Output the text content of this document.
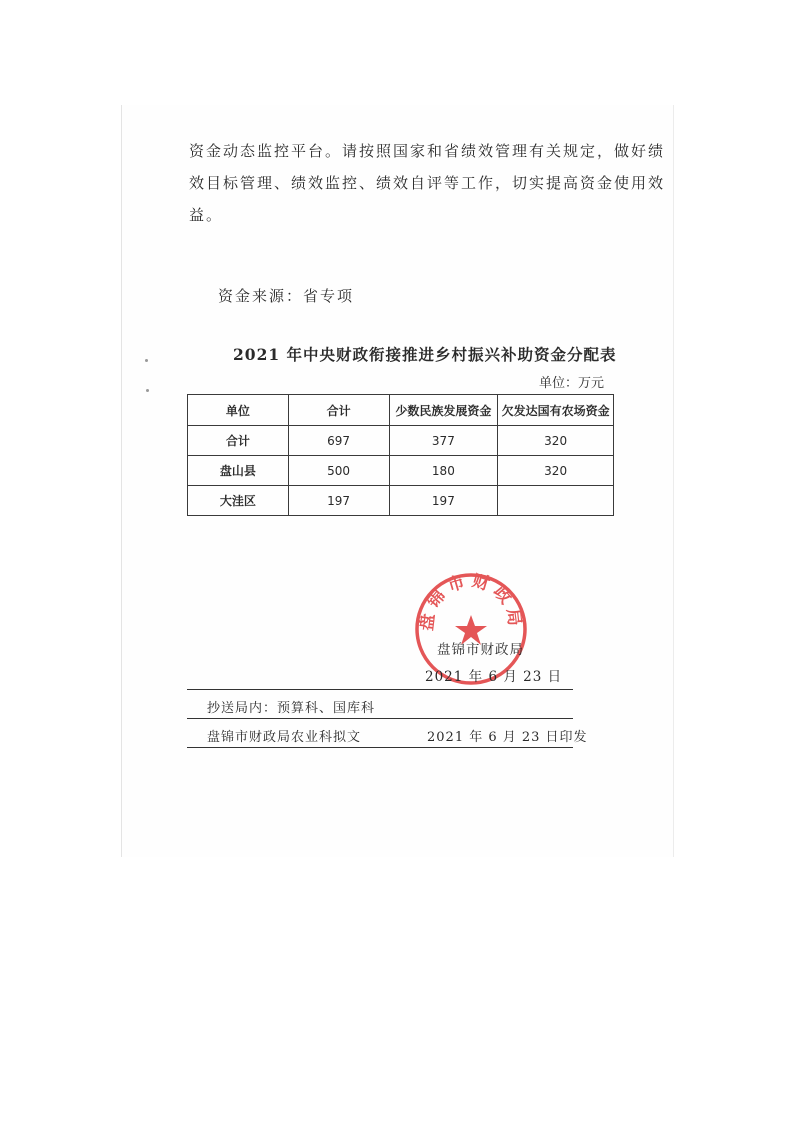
资金动态监控平台。请按照国家和省绩效管理有关规定，做好绩
效目标管理、绩效监控、绩效自评等工作，切实提高资金使用效
益。
资金来源：省专项
2021 年中央财政衔接推进乡村振兴补助资金分配表
单位：万元
单位	合计	少数民族发展资金	欠发达国有农场资金
合计	697	377	320
盘山县	500	180	320
大洼区	197	197	
盘锦市财政局
盘锦市财政局
2021 年 6 月 23 日
抄送局内：预算科、国库科
盘锦市财政局农业科拟文	2021 年 6 月 23 日印发
